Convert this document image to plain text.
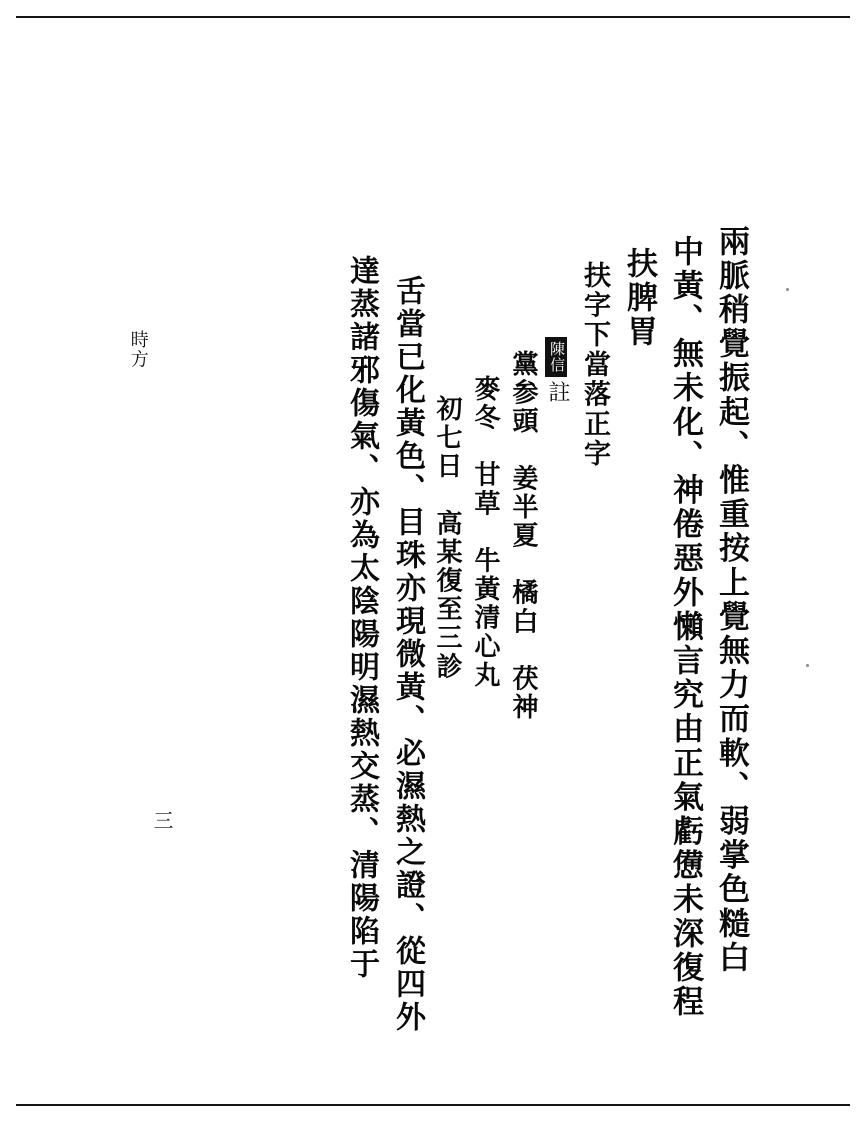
兩脈稍覺振起、惟重按上覺無力而軟、弱掌色糙白
中黃、無未化、神倦惡外懶言究由正氣虧憊未深復程
扶脾胃
扶字下當落正字
陳信註
黨参頭　姜半夏　橘白　茯神
麥冬　甘草　牛黃清心丸
初七日　高某復至三診
舌當已化黃色、目珠亦現微黃、必濕熱之證、從四外
達蒸諸邪傷氣、亦為太陰陽明濕熱交蒸、清陽陷于
時方
三
